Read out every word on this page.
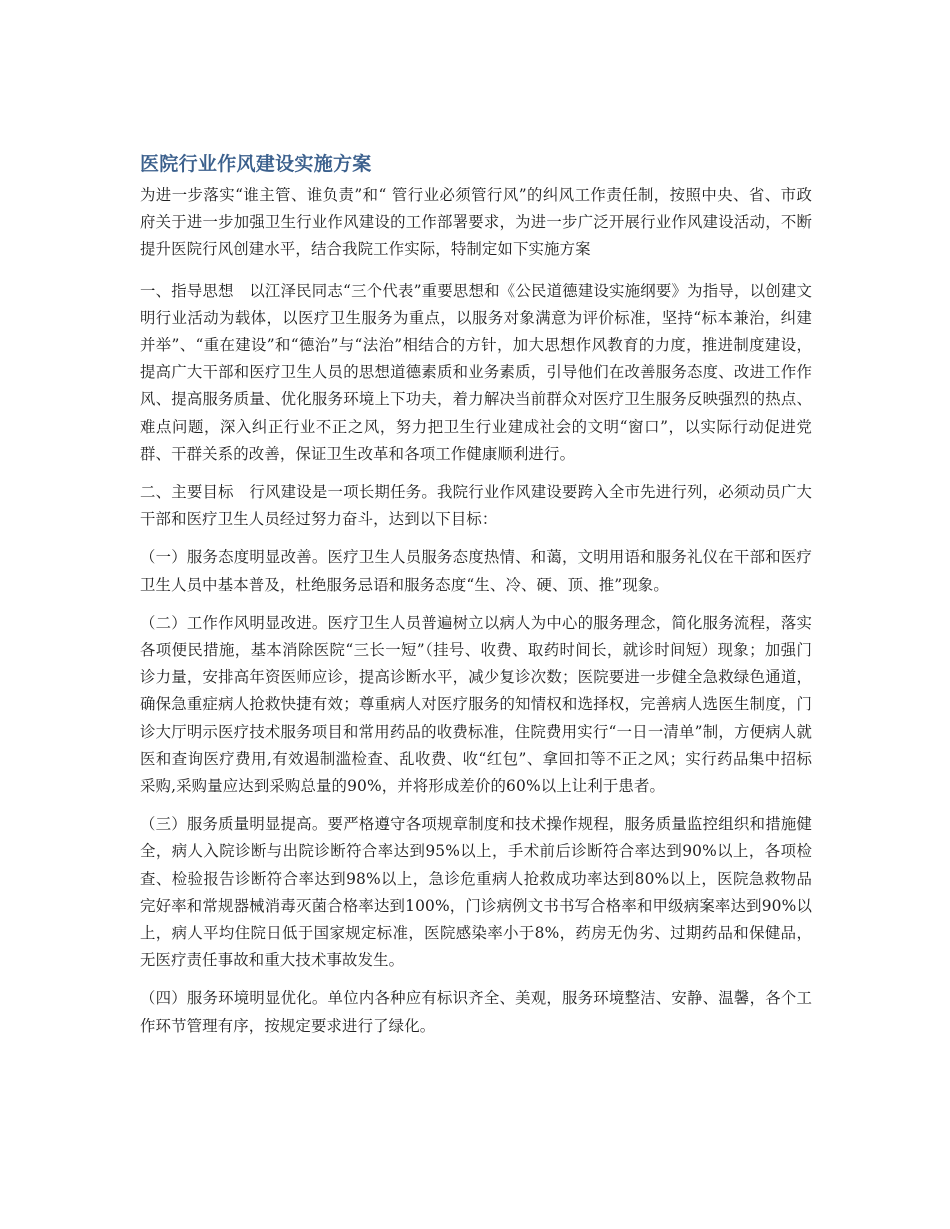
医院行业作风建设实施方案

为进一步落实“谁主管、谁负责”和“ 管行业必须管行风”的纠风工作责任制，按照中央、省、市政府关于进一步加强卫生行业作风建设的工作部署要求，为进一步广泛开展行业作风建设活动，不断提升医院行风创建水平，结合我院工作实际，特制定如下实施方案

一、指导思想　以江泽民同志“三个代表”重要思想和《公民道德建设实施纲要》为指导，以创建文明行业活动为载体，以医疗卫生服务为重点，以服务对象满意为评价标准，坚持“标本兼治，纠建并举”、“重在建设”和“德治”与“法治”相结合的方针，加大思想作风教育的力度，推进制度建设，提高广大干部和医疗卫生人员的思想道德素质和业务素质，引导他们在改善服务态度、改进工作作风、提高服务质量、优化服务环境上下功夫，着力解决当前群众对医疗卫生服务反映强烈的热点、难点问题，深入纠正行业不正之风，努力把卫生行业建成社会的文明“窗口”，以实际行动促进党群、干群关系的改善，保证卫生改革和各项工作健康顺利进行。

二、主要目标　行风建设是一项长期任务。我院行业作风建设要跨入全市先进行列，必须动员广大干部和医疗卫生人员经过努力奋斗，达到以下目标：

（一）服务态度明显改善。医疗卫生人员服务态度热情、和蔼，文明用语和服务礼仪在干部和医疗卫生人员中基本普及，杜绝服务忌语和服务态度“生、冷、硬、顶、推”现象。

（二）工作作风明显改进。医疗卫生人员普遍树立以病人为中心的服务理念，简化服务流程，落实各项便民措施，基本消除医院“三长一短”（挂号、收费、取药时间长，就诊时间短）现象；加强门诊力量，安排高年资医师应诊，提高诊断水平，减少复诊次数；医院要进一步健全急救绿色通道，确保急重症病人抢救快捷有效；尊重病人对医疗服务的知情权和选择权，完善病人选医生制度，门诊大厅明示医疗技术服务项目和常用药品的收费标准，住院费用实行“一日一清单”制，方便病人就医和查询医疗费用,有效遏制滥检查、乱收费、收“红包”、拿回扣等不正之风；实行药品集中招标采购,采购量应达到采购总量的90%，并将形成差价的60%以上让利于患者。

（三）服务质量明显提高。要严格遵守各项规章制度和技术操作规程，服务质量监控组织和措施健全，病人入院诊断与出院诊断符合率达到95%以上，手术前后诊断符合率达到90%以上，各项检查、检验报告诊断符合率达到98%以上，急诊危重病人抢救成功率达到80%以上，医院急救物品完好率和常规器械消毒灭菌合格率达到100%，门诊病例文书书写合格率和甲级病案率达到90%以上，病人平均住院日低于国家规定标准，医院感染率小于8%，药房无伪劣、过期药品和保健品，无医疗责任事故和重大技术事故发生。

（四）服务环境明显优化。单位内各种应有标识齐全、美观，服务环境整洁、安静、温馨，各个工作环节管理有序，按规定要求进行了绿化。
